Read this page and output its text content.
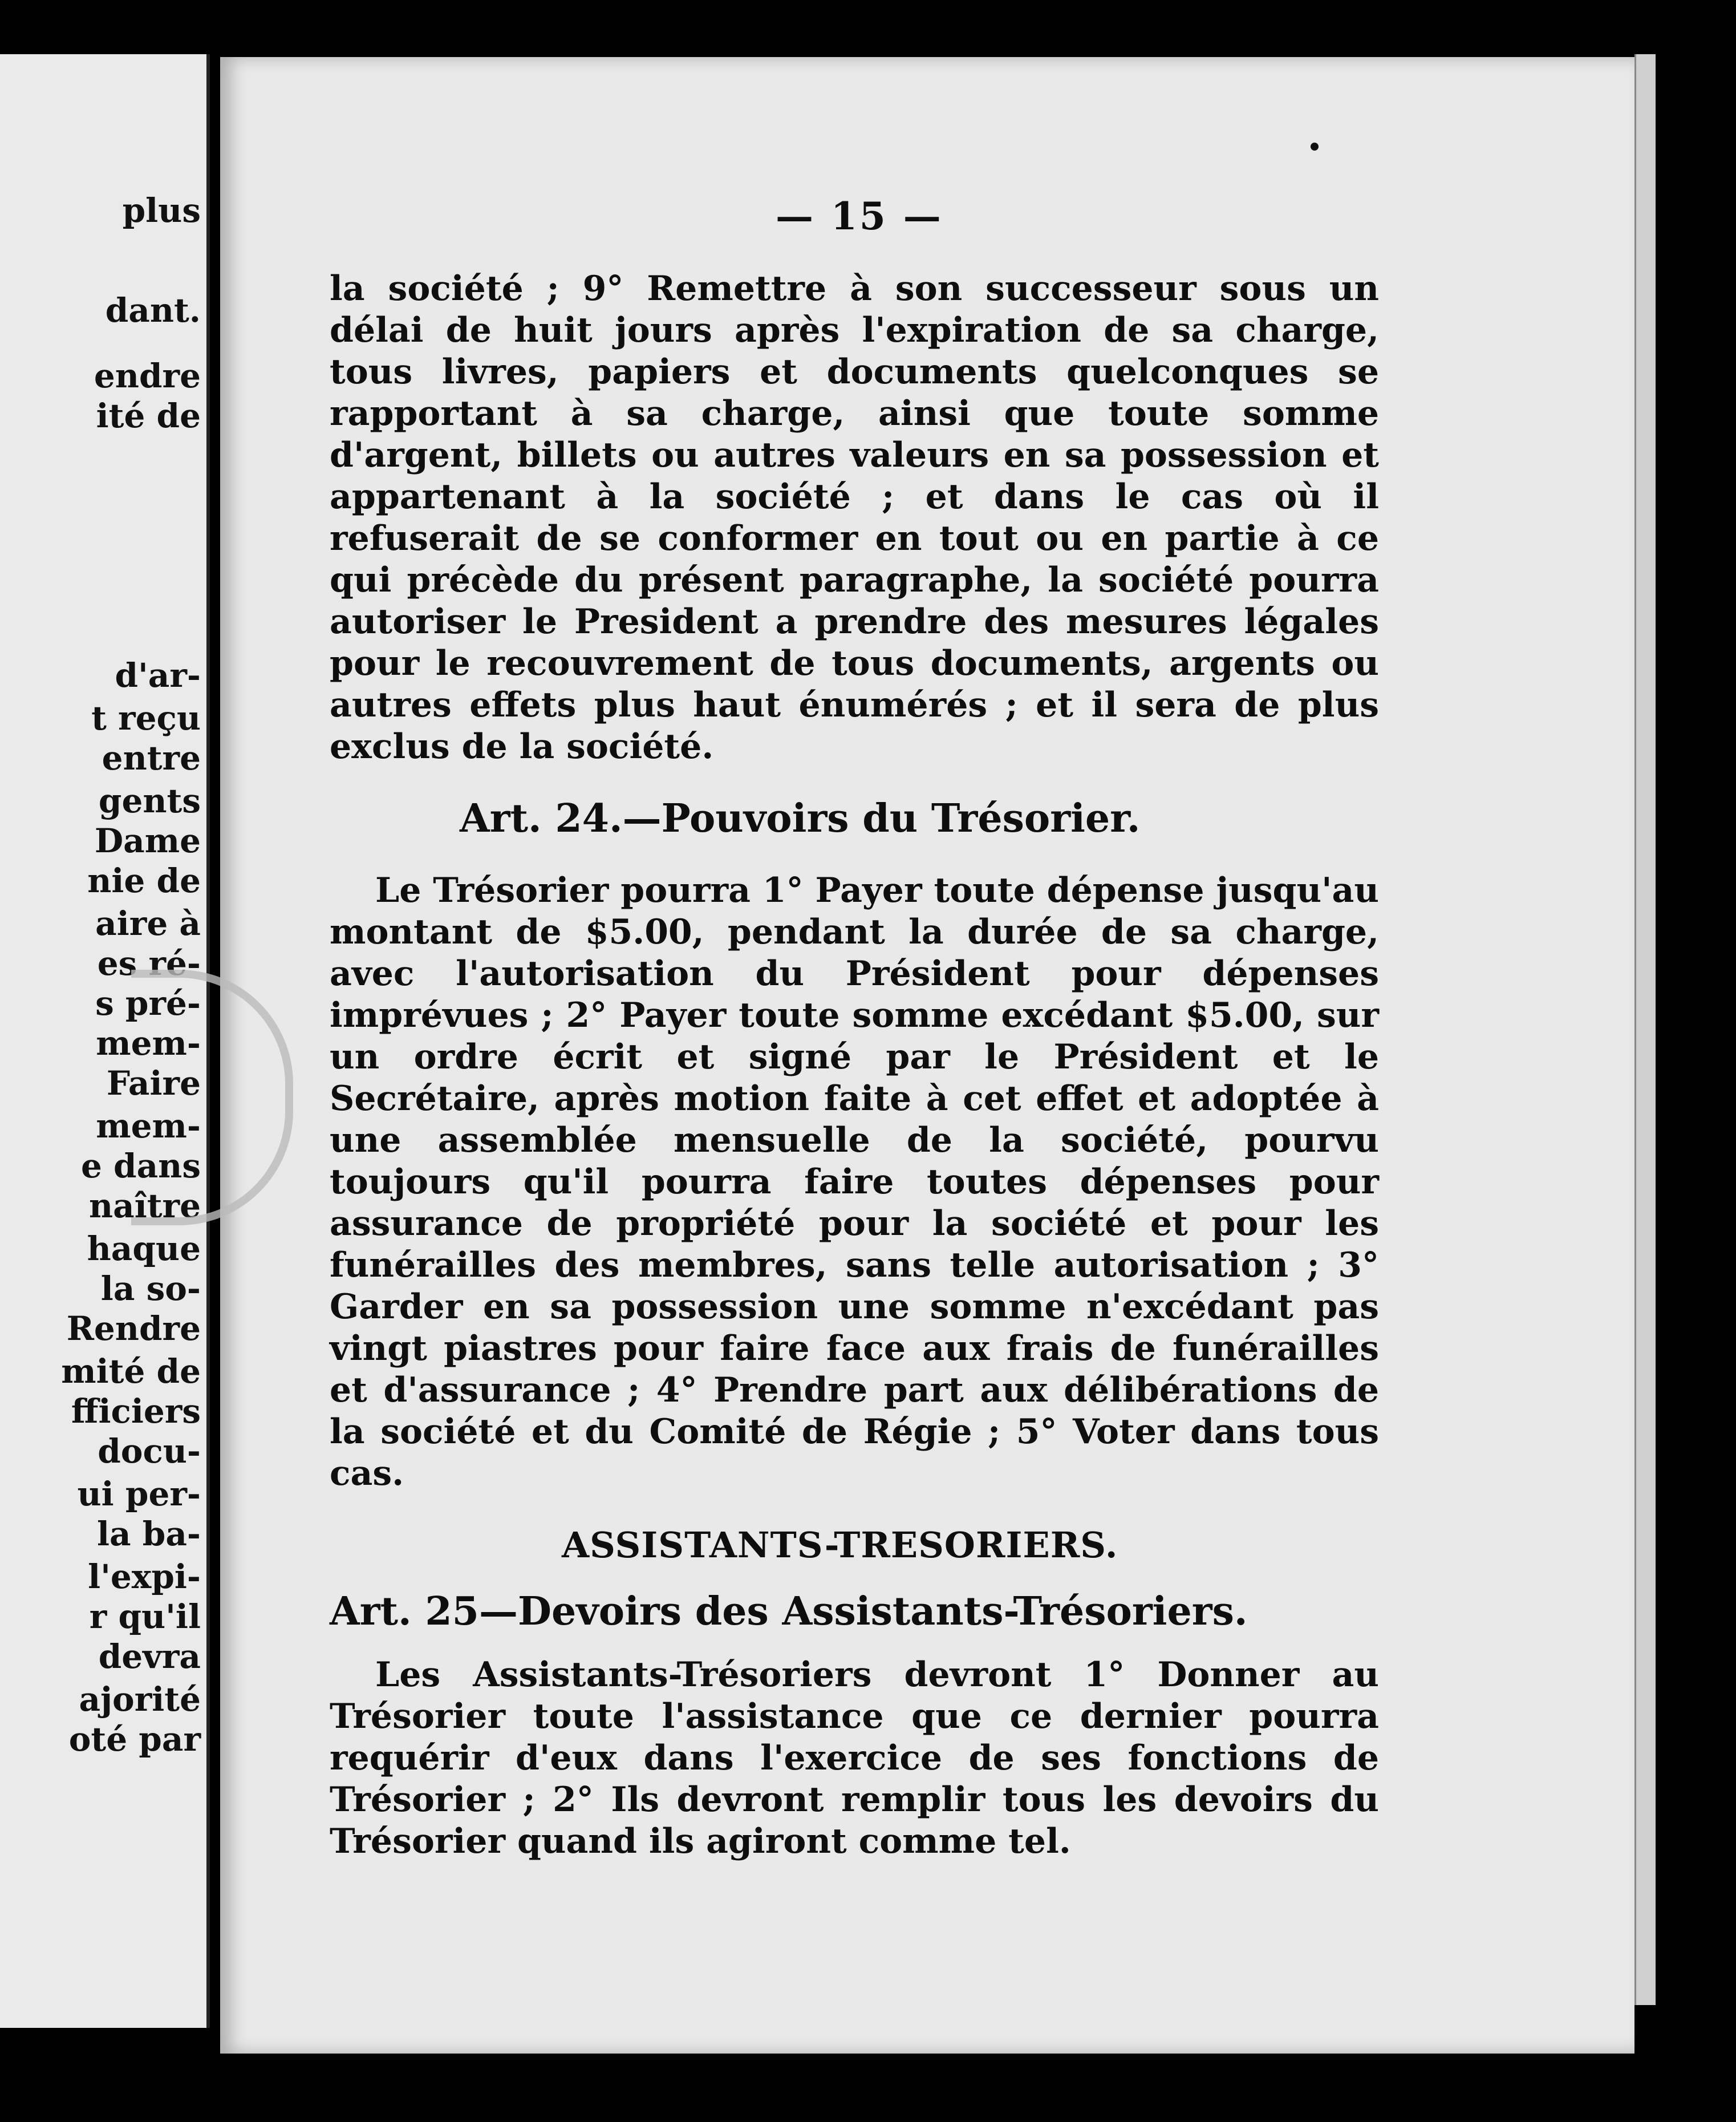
plus
dant.
endre
ité de
d'ar-
t reçu
entre
gents
Dame
nie de
aire à
es ré-
s pré-
mem-
Faire
mem-
e dans
naître
haque
la so-
Rendre
mité de
fficiers
docu-
ui per-
la ba-
l'expi-
r qu'il
devra
ajorité
oté par
— 15 —

la société ; 9° Remettre à son successeur sous un délai de huit jours après l'expiration de sa charge, tous livres, papiers et documents quelconques se rapportant à sa charge, ainsi que toute somme d'argent, billets ou autres valeurs en sa possession et appartenant à la société ; et dans le cas où il refuserait de se conformer en tout ou en partie à ce qui précède du présent paragraphe, la société pourra autoriser le President a prendre des mesures légales pour le recouvrement de tous documents, argents ou autres effets plus haut énumérés ; et il sera de plus exclus de la société.

Art. 24.—Pouvoirs du Trésorier.

Le Trésorier pourra 1° Payer toute dépense jusqu'au montant de $5.00, pendant la durée de sa charge, avec l'autorisation du Président pour dépenses imprévues ; 2° Payer toute somme excédant $5.00, sur un ordre écrit et signé par le Président et le Secrétaire, après motion faite à cet effet et adoptée à une assemblée mensuelle de la société, pourvu toujours qu'il pourra faire toutes dépenses pour assurance de propriété pour la société et pour les funérailles des membres, sans telle autorisation ; 3° Garder en sa possession une somme n'excédant pas vingt piastres pour faire face aux frais de funérailles et d'assurance ; 4° Prendre part aux délibérations de la société et du Comité de Régie ; 5° Voter dans tous cas.

ASSISTANTS-TRESORIERS.
Art. 25—Devoirs des Assistants-Trésoriers.

Les Assistants-Trésoriers devront 1° Donner au Trésorier toute l'assistance que ce dernier pourra requérir d'eux dans l'exercice de ses fonctions de Trésorier ; 2° Ils devront remplir tous les devoirs du Trésorier quand ils agiront comme tel.
